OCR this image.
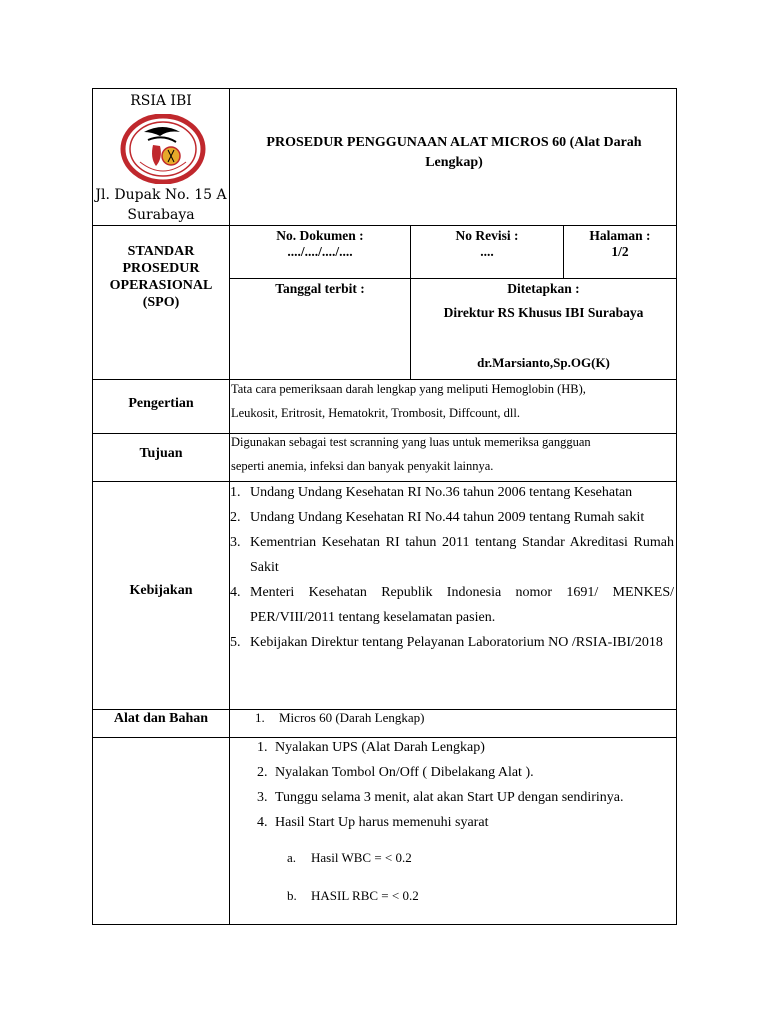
RSIA IBI
Jl. Dupak No. 15 A
Surabaya
PROSEDUR PENGGUNAAN ALAT MICROS 60 (Alat Darah Lengkap)
STANDAR
PROSEDUR
OPERASIONAL
(SPO)
No. Dokumen :
..../..../..../....
No Revisi :
....
Halaman :
1/2
Tanggal terbit :	Ditetapkan :
Direktur RS Khusus IBI Surabaya
dr.Marsianto,Sp.OG(K)
Pengertian
Tata cara pemeriksaan darah lengkap yang meliputi Hemoglobin (HB),
Leukosit, Eritrosit, Hematokrit, Trombosit, Diffcount, dll.
Tujuan
Digunakan sebagai test scranning yang luas untuk memeriksa gangguan
seperti anemia, infeksi dan banyak penyakit lainnya.
Kebijakan
1. Undang Undang Kesehatan RI No.36 tahun 2006 tentang Kesehatan
2. Undang Undang Kesehatan RI No.44 tahun 2009 tentang Rumah sakit
3. Kementrian Kesehatan RI tahun 2011 tentang Standar Akreditasi Rumah Sakit
4. Menteri Kesehatan Republik Indonesia nomor 1691/ MENKES/ PER/VIII/2011 tentang keselamatan pasien.
5. Kebijakan Direktur tentang Pelayanan Laboratorium NO /RSIA-IBI/2018
Alat dan Bahan	1. Micros 60 (Darah Lengkap)
1. Nyalakan UPS (Alat Darah Lengkap)
2. Nyalakan Tombol On/Off ( Dibelakang Alat ).
3. Tunggu selama 3 menit, alat akan Start UP dengan sendirinya.
4. Hasil Start Up harus memenuhi syarat
a. Hasil WBC = < 0.2
b. HASIL RBC = < 0.2
